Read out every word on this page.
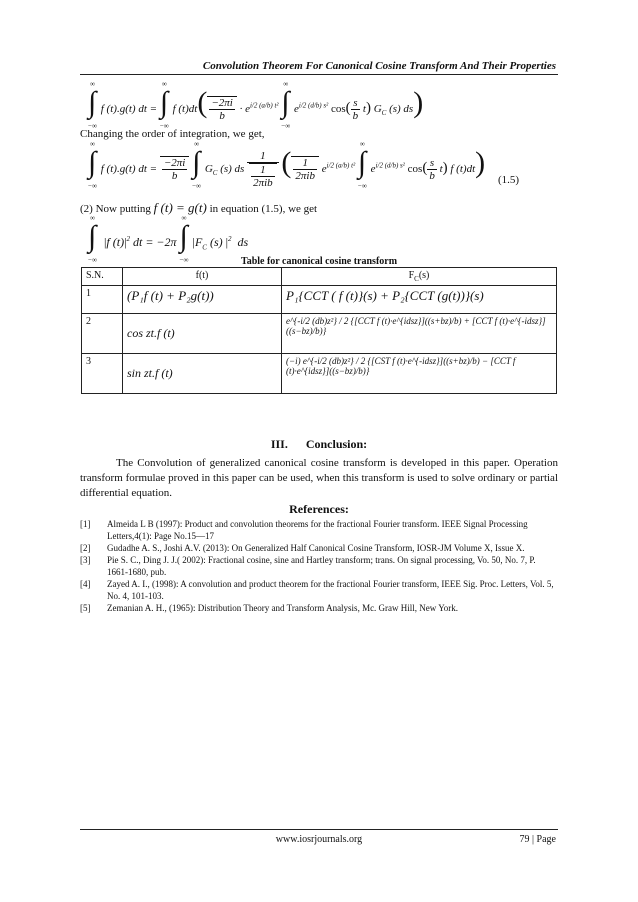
Convolution Theorem For Canonical Cosine Transform And Their Properties
∞
∫
−∞
f (t).g(t) dt =
∞
∫
−∞
f $(t)dt( \frac{-2\pi i}{b} \cdot e^{i/2 (a/b) t^2}$
∞
∫
−∞
$e^{i/2 (d/b) s^2}$ $\cos( \frac{s}{b} t)$ $G_C$ (s) ds)
Changing the order of integration, we get,
∞
∫
−∞
f (t).g(t) dt = $\frac{-2\pi i}{b}$

∞
∫
−∞
$G_C$ (s) ds $\frac{1}{\frac{1}{\text{2πib}}}$ ( $\frac{1}{\text{2πib}} e^{i/2 (a/b) t^2}$
∞
∫
−∞
$e^{i/2 (d/b) s^2}$ $\cos( \frac{s}{b} t)$ f (t)dt)
(1.5)
(2) Now putting f (t) = g(t) in equation (1.5), we get
∞
∫
−∞
|f $(t)|^2$ dt = −2π
∞
∫
−∞
$|F_C$ (s) $|^2$  ds
Table for canonical cosine transform
S.N.	f(t)	$F_C(s)$
1	(P₁f (t) + P₂g(t))	P₁{CCT ( f (t)}(s) + P₂{CCT (g(t))}(s)
2	cos zt.f (t)	e^{-i/2 (db)z²} / 2 {[CCT f (t)·e^{idsz}]((s+bz)/b) + [CCT f (t)·e^{-idsz}]((s−bz)/b)}
3	sin zt.f (t)	(−i) e^{-i/2 (db)z²} / 2 {[CST f (t)·e^{-idsz}]((s+bz)/b) − [CCT f (t)·e^{idsz}]((s−bz)/b)}
III.      Conclusion:
The Convolution of generalized canonical cosine transform is developed in this paper. Operation transform formulae proved in this paper can be used, when this transform is used to solve ordinary or partial differential equation.
References:
[1] Almeida L B (1997): Product and convolution theorems for the fractional Fourier transform. IEEE Signal Processing Letters,4(1): Page No.15—17
[2] Gudadhe A. S., Joshi A.V. (2013): On Generalized Half Canonical Cosine Transform, IOSR-JM Volume X, Issue X.
[3] Pie S. C., Ding J. J.( 2002): Fractional cosine, sine and Hartley transform; trans. On signal processing, Vo. 50, No. 7, P. 1661-1680, pub.
[4] Zayed A. I., (1998): A convolution and product theorem for the fractional Fourier transform, IEEE Sig. Proc. Letters, Vol. 5, No. 4, 101-103.
[5] Zemanian A. H., (1965): Distribution Theory and Transform Analysis, Mc. Graw Hill, New York.
www.iosrjournals.org	79 | Page
